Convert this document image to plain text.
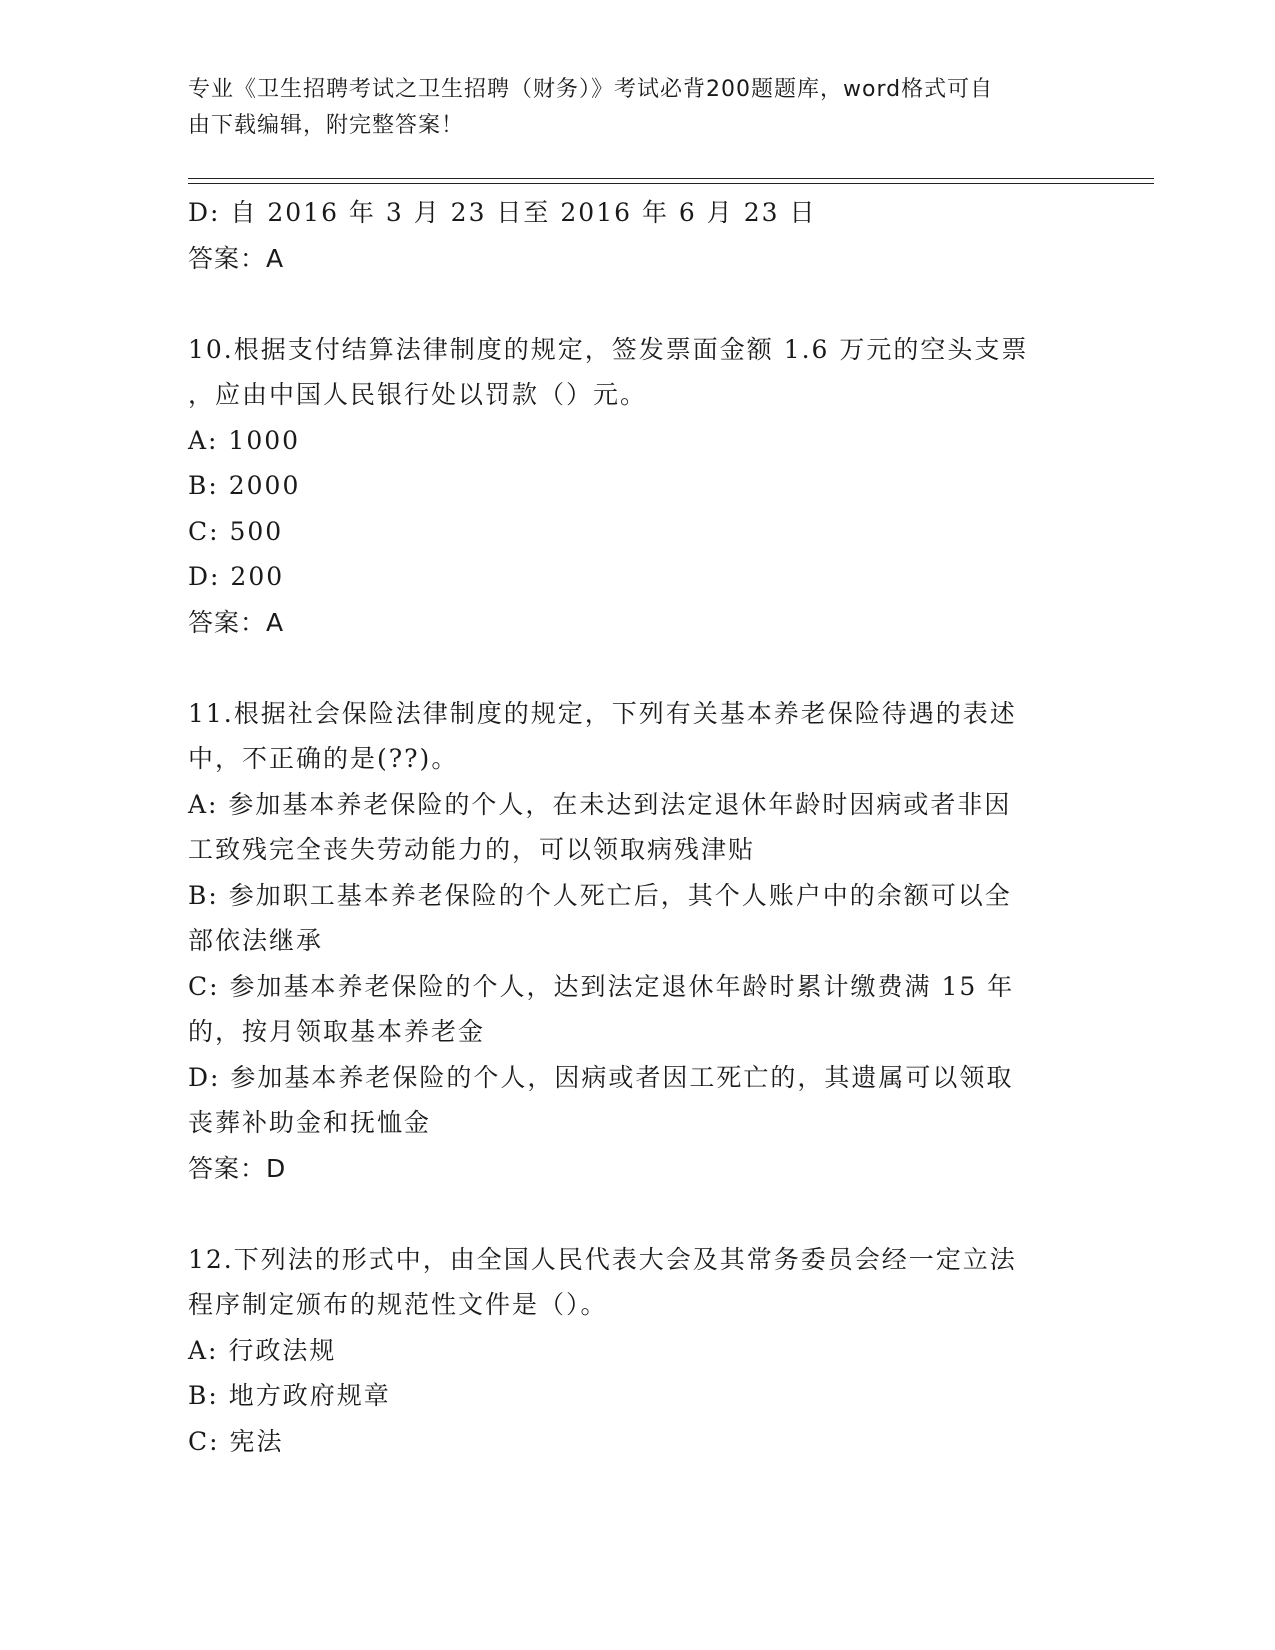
专业《卫生招聘考试之卫生招聘（财务）》考试必背200题题库，word格式可自
由下载编辑，附完整答案！
D: 自 2016 年 3 月 23 日至 2016 年 6 月 23 日
答案：A
10.根据支付结算法律制度的规定，签发票面金额 1.6 万元的空头支票
，应由中国人民银行处以罚款（）元。
A: 1000
B: 2000
C: 500
D: 200
答案：A
11.根据社会保险法律制度的规定，下列有关基本养老保险待遇的表述
中，不正确的是(??)。
A: 参加基本养老保险的个人，在未达到法定退休年龄时因病或者非因
工致残完全丧失劳动能力的，可以领取病残津贴
B: 参加职工基本养老保险的个人死亡后，其个人账户中的余额可以全
部依法继承
C: 参加基本养老保险的个人，达到法定退休年龄时累计缴费满 15 年
的，按月领取基本养老金
D: 参加基本养老保险的个人，因病或者因工死亡的，其遗属可以领取
丧葬补助金和抚恤金
答案：D
12.下列法的形式中，由全国人民代表大会及其常务委员会经一定立法
程序制定颁布的规范性文件是（）。
A: 行政法规
B: 地方政府规章
C: 宪法
